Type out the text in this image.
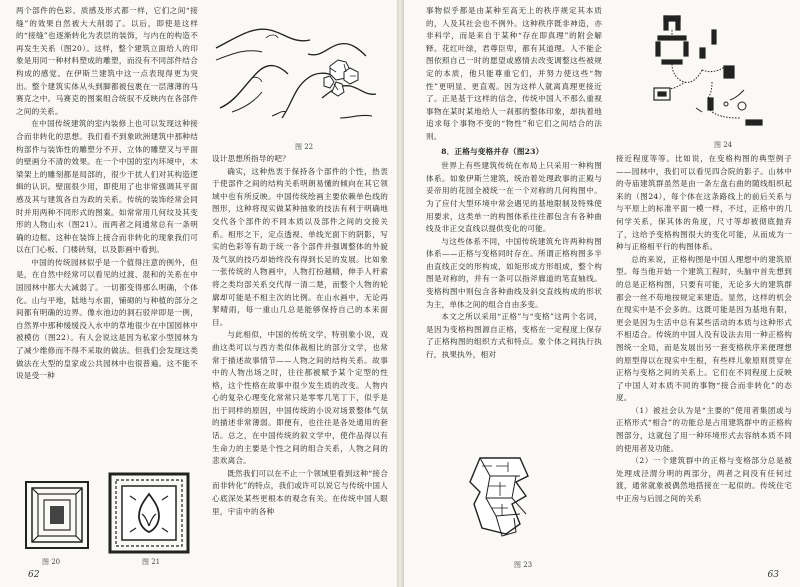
两个部件的色彩、质感及形式都一样，它们之间“接缝”的效果自然被大大削弱了。以后，即使是这样的“接缝”也逐渐转化为表层的装饰，与内在的构造不再发生关系（图20）。这样，整个建筑立面给人的印象是用同一种材料塑成的雕塑，而没有不同部件结合构成的感觉。在伊斯兰建筑中这一点表现得更为突出。整个建筑实体从头到脚都被包裹在一层薄薄的马赛克之中。马赛克的图案组合统驭不反映内在各部件之间的关系。

在中国传统建筑的室内装修上也可以发现这种接合而非转化的思想。我们看不到象欧洲建筑中那种结构部件与装饰性的雕塑分不开、立体的雕塑又与平面的壁画分不清的效果。在一个中国的室内环境中，木梁架上的雕刻都是局部的，很少干扰人们对其构造逻辑的认识。壁面很少用，即使用了也非常强调其平面感及其与建筑各自为政的关系。传统的装饰经常会同时并用两种不同形式的图案。如常常用几何纹及其变形的人物山水（图21）。而两者之间通常总有一条明确的边框。这种在装饰上接合而非转化的现象我们可以在门心板、门楼砖刻，以及影画中看到。

中国的传统园林似乎是一个值得注意的例外，但是，在自然中经常可以看见的过渡、混和的关系在中国园林中都大大减弱了。一切都变得那么明确，个体化。山与平地，陆地与水面，铺砌的与种植的部分之间都有明确的边界。像水池边的洞石驳岸即是一例，自然界中那种缓缓没入水中的草地很少在中国园林中被模仿（图22）。有人会说这是因为私家小型园林为了减少维修而不得不采取的做法。但我们会发现这类做法在大型的皇家或公共园林中也很普遍。这不能不说是受一种

图 20	图 21
图 22

设计思想所指导的吧？

确实，这种热衷于保持各个部件的个性，热衷于使部件之间的结构关系明朗易懂的倾向在其它领域中也有所反映。中国传统绘画主要依赖单色线的图形，这种将现实做某种抽象的技法有利于明确地交代各个部件的不同本质以及部件之间的交接关系。相形之下，定点透视、单线光面下的阴影，写实的色彩等有助于统一各个部件并强调整体的外貌及气氛的技巧却始终没有得到长足的发展。比如象一张传统的人物画中，人物打扮越精，伸手人杆索将之类均部关系交代得一清二楚，而整个人物的轮廓却可能是不相主次的比例。在山水画中，无论再挈晴雨，每一重山几总是能够保持自己的本来面目。

与此相似，中国的传统文学，特别象小说，戏曲这类可以与西方类似体裁相比的部分文学，也常常于描述故事情节——人物之间的结构关系。故事中的人物出场之时，往往都被赋予某个定型的性格，这个性格在故事中很少发生质的改变。人物内心的复杂心理变化常常只是零零几笔丁下，似乎是出于同样的原因，中国传统的小说对场景整体气氛的描述非常薄弱。即便有，也往往是各处通用的套话。总之，在中国传统的叙文学中，使作品得以有生命力的主要是个性之间的组合关系，人物之间的悲欢离合。

既然我们可以在不止一个领域里看到这种“接合而非转化”的特点，我们或许可以说它与传统中国人心底深处某些更根本的观念有关。在传统中国人眼里，宇宙中的各种

62

事物似乎都是由某种至高无上的秩序规定其本质的，人及其社会也不例外。这种秩序既非神造，亦非科学，而是来自于某种“存在即真理”的附会解释。花红叶绿，君尊臣卑，都有其道理。人不能企图依照自己一时的愿望或感情去改变调整这些被规定的本质，他只能尊重它们，并努力使这些“物性”更明显、更直观。因为这样人就离真理更接近了。正是基于这样的信念，传统中国人不那么重视事物在某时某地给人一刹那的整体印象，却执着地追求每个事物不变的“物性”和它们之间结合的法则。

8．正格与变格并存（图23）

世界上有些建筑传统在布局上只采用一种构图体系。如象伊斯兰建筑，统治着处理政事的正殿与妥帝用的花园全被统一在一个对称的几何构图中。为了应付大型环境中常会遇见的基地限制及特殊使用要求，这类单一的构图体系往往都包含有各种曲线及非正交直线以提供变化的可能。

与这些体系不同，中国传统建筑允许两种构图体系——正格与变格同时存在。所谓正格构图多半由直线正交的形构成，如矩形成方形组成，整个构图是对称的，并有一条可以指斧廊道的笔直轴线。变格构图中则包含各种曲线及斜交直线构成的形状为主，单体之间的组合自由多变。

本文之所以采用“正格”与“变格”这两个名词，是因为变格构图源自正格，变格在一定程度上保存了正格构图的组织方式和特点。象个体之间执行执行，执果执外，相对

图 23
图 24

接近程度等等。比如说，在变格构图的典型例子——园林中，我们可以看见四合院的影子。山林中的寺庙建筑群虽然是由一条左盘右曲的随线组织起来的（图24），每个体在这条路线上的前后关系与与平原上的标准平面一模一样，不过，正格中的几何学关系，保其体的角度，尺寸等却被彻底抛弃了，这给予变格构图很大的变化可能，从而成为一种与正格相平行的构图体系。

总的来说，正格构图是中国人理想中的建筑原型。每当他开始一个建筑工程时，头脑中首先想到的总是正格构图，只要有可能，无论多大的建筑群都会一丝不苟地按规定来建造。显然，这样的机会在现实中是不会多的。这既可能是因为基地有限，更会是因为生活中总有某些活动的本质与这种形式不相适合。传统的中国人没有设法去用一种正格构图统一全局，而是发展出另一套变格秩序来便理想的原型得以在现实中生根，有些样儿象原则贯穿在正格与变格之间的关系上。它们在不同程度上反映了中国人对本质不同的事物“接合而非转化”的态度。

（1）被社会认为是“主要的”使用者集团或与正格形式“相合”的功能总是占用建筑群中的正格构图部分，这就包了用一种环境形式去容纳本质不同的使用者及功能。

（2）一个建筑群中的正格与变格部分总是被处理成泾渭分明的两部分，两者之间没有任何过渡，通常就象被偶然地搭接在一起似的。传统住宅中正房与后园之间的关系

63
